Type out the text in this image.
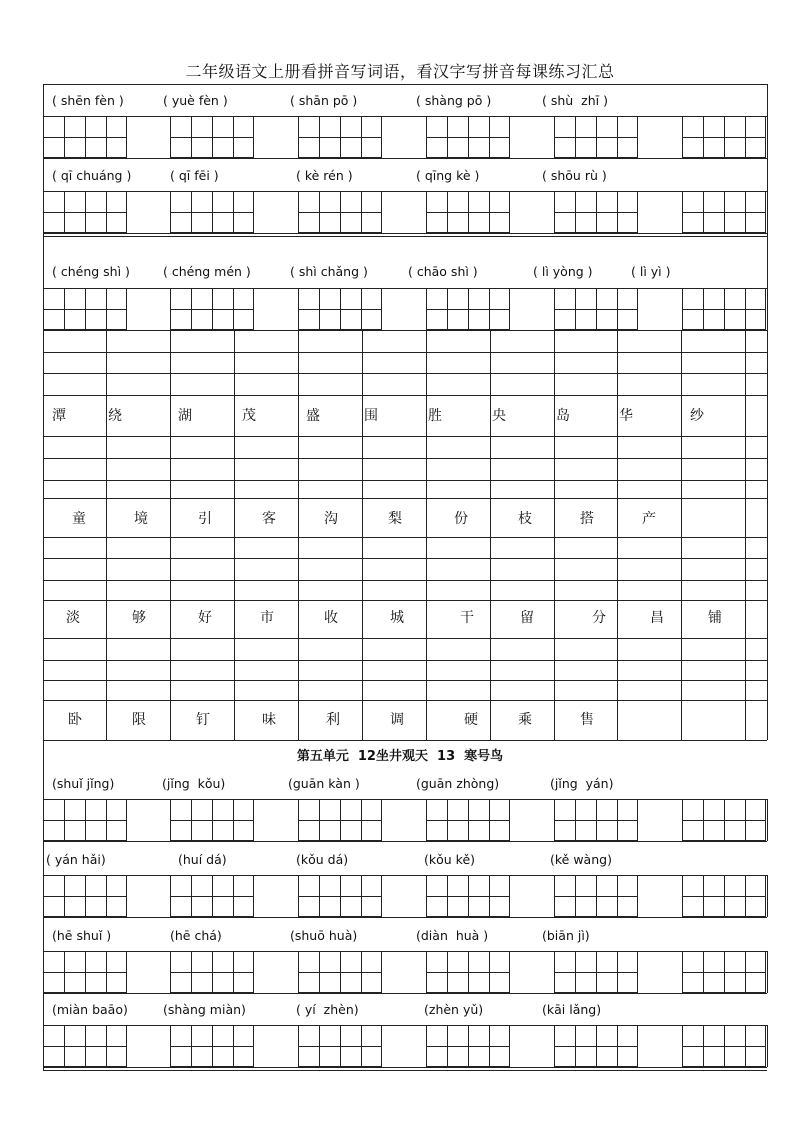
二年级语文上册看拼音写词语，看汉字写拼音每课练习汇总
( shēn fèn )	( yuè fèn )	( shān pō )	( shàng pō )	( shù  zhī )
( qī chuáng )	( qī fēi )	( kè rén )	( qīng kè )	( shōu rù )
( chéng shì )	( chéng mén )	( shì chǎng )	( chāo shì )	( lì yòng )	( lì yì )
潭	绕	湖	茂	盛	围	胜	央	岛	华	纱
童	境	引	客	沟	梨	份	枝	搭	产
淡	够	好	市	收	城	干	留	分	昌	铺
卧	限	钉	味	利	调	硬	乘	售
(shuǐ jǐng)	(jǐng  kǒu)	(guān kàn )	(guān zhòng)	(jǐng  yán)
( yán hǎi)	(huí dá)	(kǒu dá)	(kǒu kě)	(kě wàng)
(hē shuǐ )	(hē chá)	(shuō huà)	(diàn  huà )	(biān jì)
(miàn baāo)	(shàng miàn)	( yí  zhèn)	(zhèn yǔ)	(kāi lǎng)
第五单元  12坐井观天  13  寒号鸟
